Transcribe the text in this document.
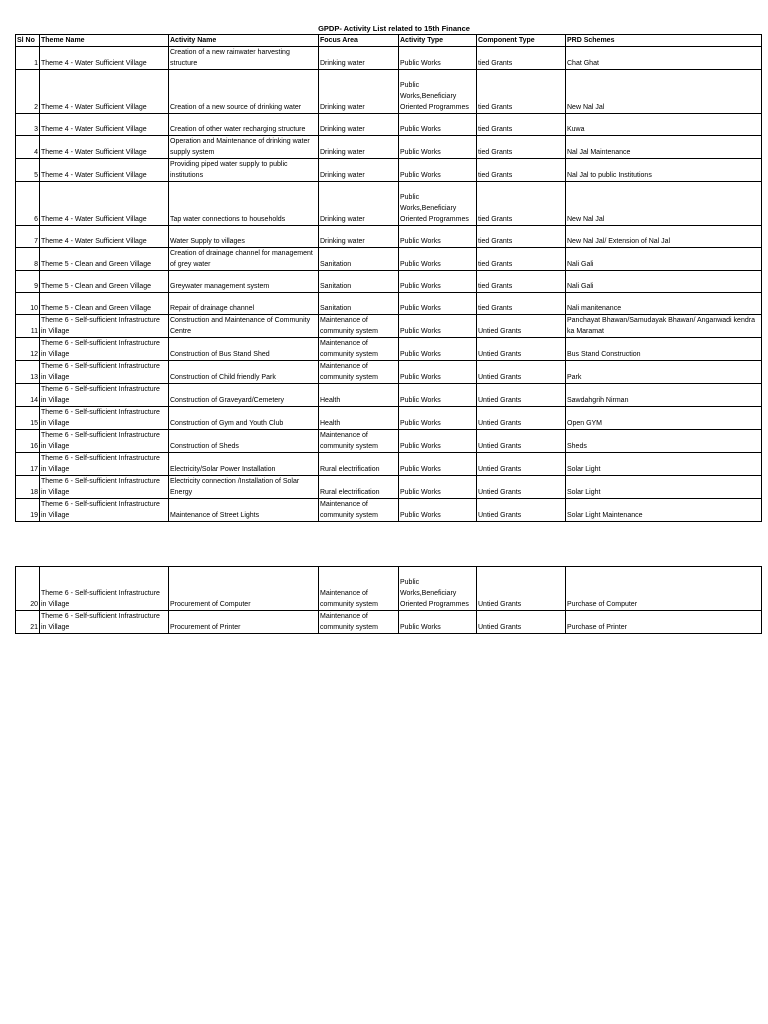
GPDP- Activity List related to 15th Finance
Sl No	Theme Name	Activity Name	Focus Area	Activity Type	Component Type	PRD Schemes
1	Theme 4 - Water Sufficient Village	Creation of a new rainwater harvesting structure	Drinking water	Public Works	tied Grants	Chat Ghat
2	Theme 4 - Water Sufficient Village	Creation of a new source of drinking water	Drinking water	Public Works,Beneficiary Oriented Programmes	tied Grants	New Nal Jal
3	Theme 4 - Water Sufficient Village	Creation of other water recharging structure	Drinking water	Public Works	tied Grants	Kuwa
4	Theme 4 - Water Sufficient Village	Operation and Maintenance of drinking water supply system	Drinking water	Public Works	tied Grants	Nal Jal Maintenance
5	Theme 4 - Water Sufficient Village	Providing piped water supply to public institutions	Drinking water	Public Works	tied Grants	Nal Jal to public Institutions
6	Theme 4 - Water Sufficient Village	Tap water connections to households	Drinking water	Public Works,Beneficiary Oriented Programmes	tied Grants	New Nal Jal
7	Theme 4 - Water Sufficient Village	Water Supply to villages	Drinking water	Public Works	tied Grants	New Nal Jal/ Extension of Nal Jal
8	Theme 5 - Clean and Green Village	Creation of drainage channel for management of grey water	Sanitation	Public Works	tied Grants	Nali Gali
9	Theme 5 - Clean and Green Village	Greywater management system	Sanitation	Public Works	tied Grants	Nali Gali
10	Theme 5 - Clean and Green Village	Repair of drainage channel	Sanitation	Public Works	tied Grants	Nali manitenance
11	Theme 6 - Self-sufficient Infrastructure in Village	Construction and Maintenance of Community Centre	Maintenance of community system	Public Works	Untied Grants	Panchayat Bhawan/Samudayak Bhawan/ Anganwadi kendra ka Maramat
12	Theme 6 - Self-sufficient Infrastructure in Village	Construction of Bus Stand Shed	Maintenance of community system	Public Works	Untied Grants	Bus Stand Construction
13	Theme 6 - Self-sufficient Infrastructure in Village	Construction of Child friendly Park	Maintenance of community system	Public Works	Untied Grants	Park
14	Theme 6 - Self-sufficient Infrastructure in Village	Construction of Graveyard/Cemetery	Health	Public Works	Untied Grants	Sawdahgrih Nirman
15	Theme 6 - Self-sufficient Infrastructure in Village	Construction of Gym and Youth Club	Health	Public Works	Untied Grants	Open GYM
16	Theme 6 - Self-sufficient Infrastructure in Village	Construction of Sheds	Maintenance of community system	Public Works	Untied Grants	Sheds
17	Theme 6 - Self-sufficient Infrastructure in Village	Electricity/Solar Power Installation	Rural electrification	Public Works	Untied Grants	Solar Light
18	Theme 6 - Self-sufficient Infrastructure in Village	Electricity connection /Installation of Solar Energy	Rural electrification	Public Works	Untied Grants	Solar Light
19	Theme 6 - Self-sufficient Infrastructure in Village	Maintenance of Street Lights	Maintenance of community system	Public Works	Untied Grants	Solar Light Maintenance
20	Theme 6 - Self-sufficient Infrastructure in Village	Procurement of Computer	Maintenance of community system	Public Works,Beneficiary Oriented Programmes	Untied Grants	Purchase of Computer
21	Theme 6 - Self-sufficient Infrastructure in Village	Procurement of Printer	Maintenance of community system	Public Works	Untied Grants	Purchase of Printer
